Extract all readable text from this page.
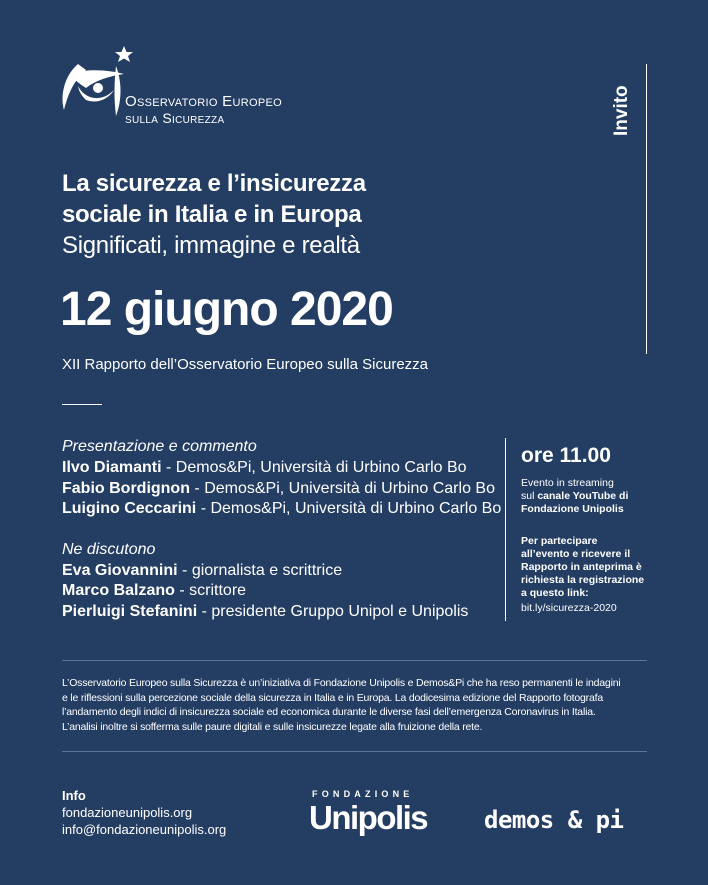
Osservatorio Europeo
sulla Sicurezza	Invito
La sicurezza e l’insicurezza
sociale in Italia e in Europa
Significati, immagine e realtà
12 giugno 2020
XII Rapporto dell’Osservatorio Europeo sulla Sicurezza
Presentazione e commento
Ilvo Diamanti - Demos&Pi, Università di Urbino Carlo Bo
Fabio Bordignon - Demos&Pi, Università di Urbino Carlo Bo
Luigino Ceccarini - Demos&Pi, Università di Urbino Carlo Bo
Ne discutono
Eva Giovannini - giornalista e scrittrice
Marco Balzano - scrittore
Pierluigi Stefanini - presidente Gruppo Unipol e Unipolis
ore 11.00
Evento in streaming
sul canale YouTube di
Fondazione Unipolis
Per partecipare
all’evento e ricevere il
Rapporto in anteprima è
richiesta la registrazione
a questo link:
bit.ly/sicurezza-2020
L’Osservatorio Europeo sulla Sicurezza è un’iniziativa di Fondazione Unipolis e Demos&Pi che ha reso permanenti le indagini
e le riflessioni sulla percezione sociale della sicurezza in Italia e in Europa. La dodicesima edizione del Rapporto fotografa
l’andamento degli indici di insicurezza sociale ed economica durante le diverse fasi dell’emergenza Coronavirus in Italia.
L’analisi inoltre si sofferma sulle paure digitali e sulle insicurezze legate alla fruizione della rete.
Info
fondazioneunipolis.org
info@fondazioneunipolis.org
FONDAZIONE
Unipolis demos & pi
